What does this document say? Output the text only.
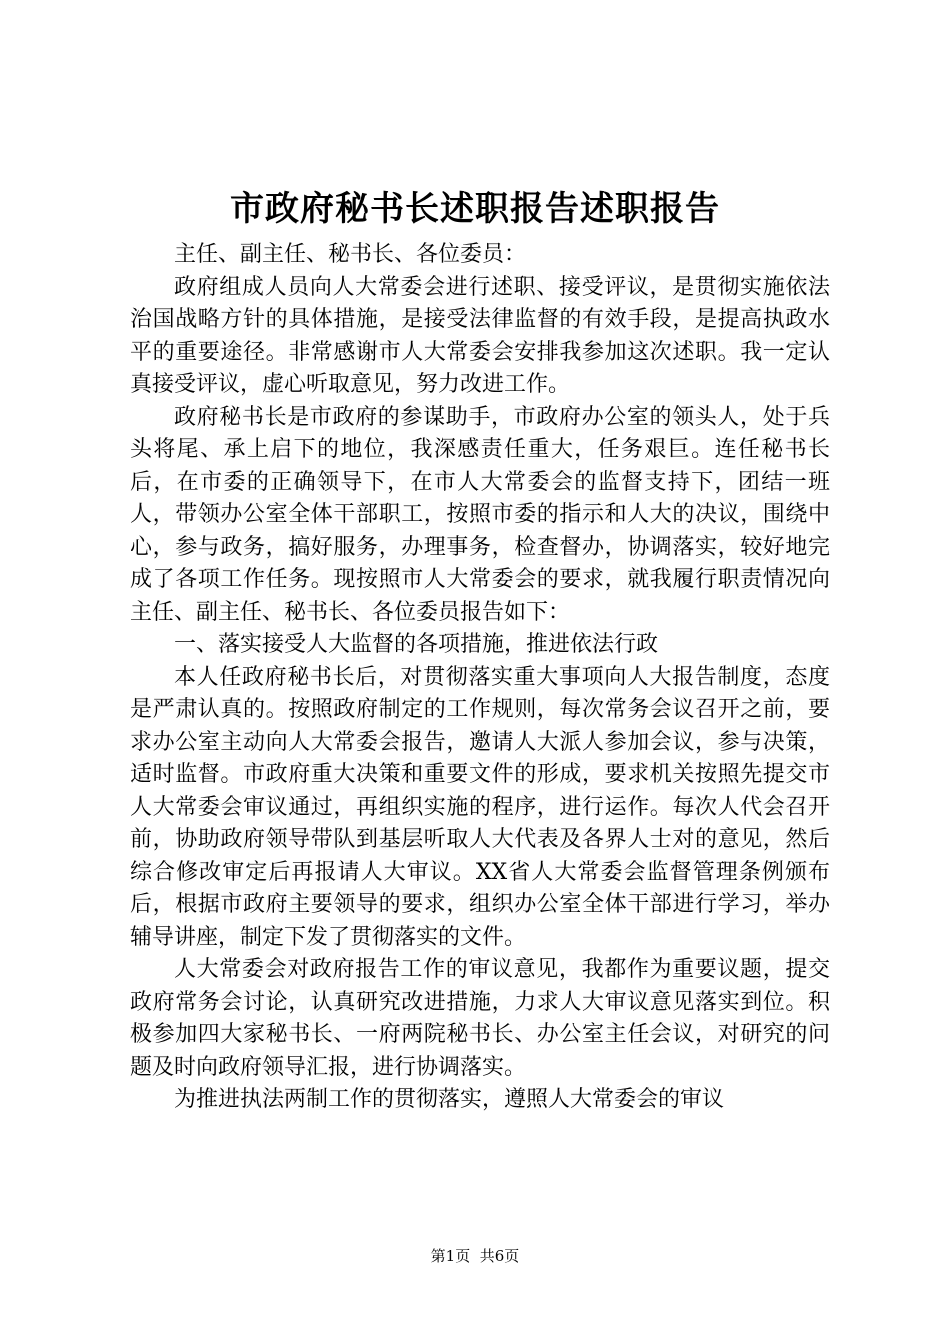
市政府秘书长述职报告述职报告

主任、副主任、秘书长、各位委员：

政府组成人员向人大常委会进行述职、接受评议，是贯彻实施依法治国战略方针的具体措施，是接受法律监督的有效手段，是提高执政水平的重要途径。非常感谢市人大常委会安排我参加这次述职。我一定认真接受评议，虚心听取意见，努力改进工作。

政府秘书长是市政府的参谋助手，市政府办公室的领头人，处于兵头将尾、承上启下的地位，我深感责任重大，任务艰巨。连任秘书长后，在市委的正确领导下，在市人大常委会的监督支持下，团结一班人，带领办公室全体干部职工，按照市委的指示和人大的决议，围绕中心，参与政务，搞好服务，办理事务，检查督办，协调落实，较好地完成了各项工作任务。现按照市人大常委会的要求，就我履行职责情况向主任、副主任、秘书长、各位委员报告如下：

一、落实接受人大监督的各项措施，推进依法行政

本人任政府秘书长后，对贯彻落实重大事项向人大报告制度，态度是严肃认真的。按照政府制定的工作规则，每次常务会议召开之前，要求办公室主动向人大常委会报告，邀请人大派人参加会议，参与决策，适时监督。市政府重大决策和重要文件的形成，要求机关按照先提交市人大常委会审议通过，再组织实施的程序，进行运作。每次人代会召开前，协助政府领导带队到基层听取人大代表及各界人士对的意见，然后综合修改审定后再报请人大审议。XX省人大常委会监督管理条例颁布后，根据市政府主要领导的要求，组织办公室全体干部进行学习，举办辅导讲座，制定下发了贯彻落实的文件。

人大常委会对政府报告工作的审议意见，我都作为重要议题，提交政府常务会讨论，认真研究改进措施，力求人大审议意见落实到位。积极参加四大家秘书长、一府两院秘书长、办公室主任会议，对研究的问题及时向政府领导汇报，进行协调落实。

为推进执法两制工作的贯彻落实，遵照人大常委会的审议

第1页 共6页
